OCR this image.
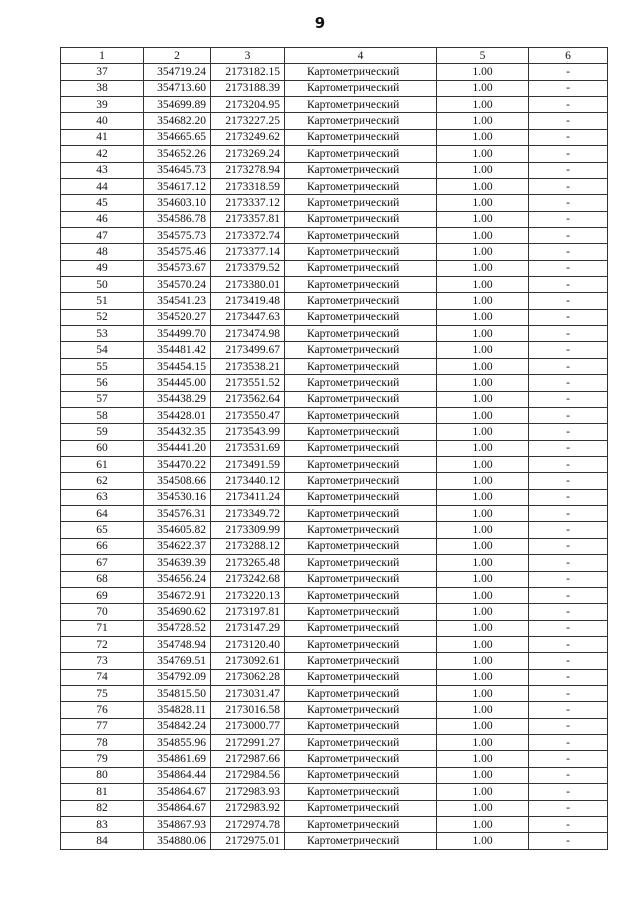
9
1	2	3	4	5	6
37	354719.24	2173182.15	Картометрический	1.00	-
38	354713.60	2173188.39	Картометрический	1.00	-
39	354699.89	2173204.95	Картометрический	1.00	-
40	354682.20	2173227.25	Картометрический	1.00	-
41	354665.65	2173249.62	Картометрический	1.00	-
42	354652.26	2173269.24	Картометрический	1.00	-
43	354645.73	2173278.94	Картометрический	1.00	-
44	354617.12	2173318.59	Картометрический	1.00	-
45	354603.10	2173337.12	Картометрический	1.00	-
46	354586.78	2173357.81	Картометрический	1.00	-
47	354575.73	2173372.74	Картометрический	1.00	-
48	354575.46	2173377.14	Картометрический	1.00	-
49	354573.67	2173379.52	Картометрический	1.00	-
50	354570.24	2173380.01	Картометрический	1.00	-
51	354541.23	2173419.48	Картометрический	1.00	-
52	354520.27	2173447.63	Картометрический	1.00	-
53	354499.70	2173474.98	Картометрический	1.00	-
54	354481.42	2173499.67	Картометрический	1.00	-
55	354454.15	2173538.21	Картометрический	1.00	-
56	354445.00	2173551.52	Картометрический	1.00	-
57	354438.29	2173562.64	Картометрический	1.00	-
58	354428.01	2173550.47	Картометрический	1.00	-
59	354432.35	2173543.99	Картометрический	1.00	-
60	354441.20	2173531.69	Картометрический	1.00	-
61	354470.22	2173491.59	Картометрический	1.00	-
62	354508.66	2173440.12	Картометрический	1.00	-
63	354530.16	2173411.24	Картометрический	1.00	-
64	354576.31	2173349.72	Картометрический	1.00	-
65	354605.82	2173309.99	Картометрический	1.00	-
66	354622.37	2173288.12	Картометрический	1.00	-
67	354639.39	2173265.48	Картометрический	1.00	-
68	354656.24	2173242.68	Картометрический	1.00	-
69	354672.91	2173220.13	Картометрический	1.00	-
70	354690.62	2173197.81	Картометрический	1.00	-
71	354728.52	2173147.29	Картометрический	1.00	-
72	354748.94	2173120.40	Картометрический	1.00	-
73	354769.51	2173092.61	Картометрический	1.00	-
74	354792.09	2173062.28	Картометрический	1.00	-
75	354815.50	2173031.47	Картометрический	1.00	-
76	354828.11	2173016.58	Картометрический	1.00	-
77	354842.24	2173000.77	Картометрический	1.00	-
78	354855.96	2172991.27	Картометрический	1.00	-
79	354861.69	2172987.66	Картометрический	1.00	-
80	354864.44	2172984.56	Картометрический	1.00	-
81	354864.67	2172983.93	Картометрический	1.00	-
82	354864.67	2172983.92	Картометрический	1.00	-
83	354867.93	2172974.78	Картометрический	1.00	-
84	354880.06	2172975.01	Картометрический	1.00	-
